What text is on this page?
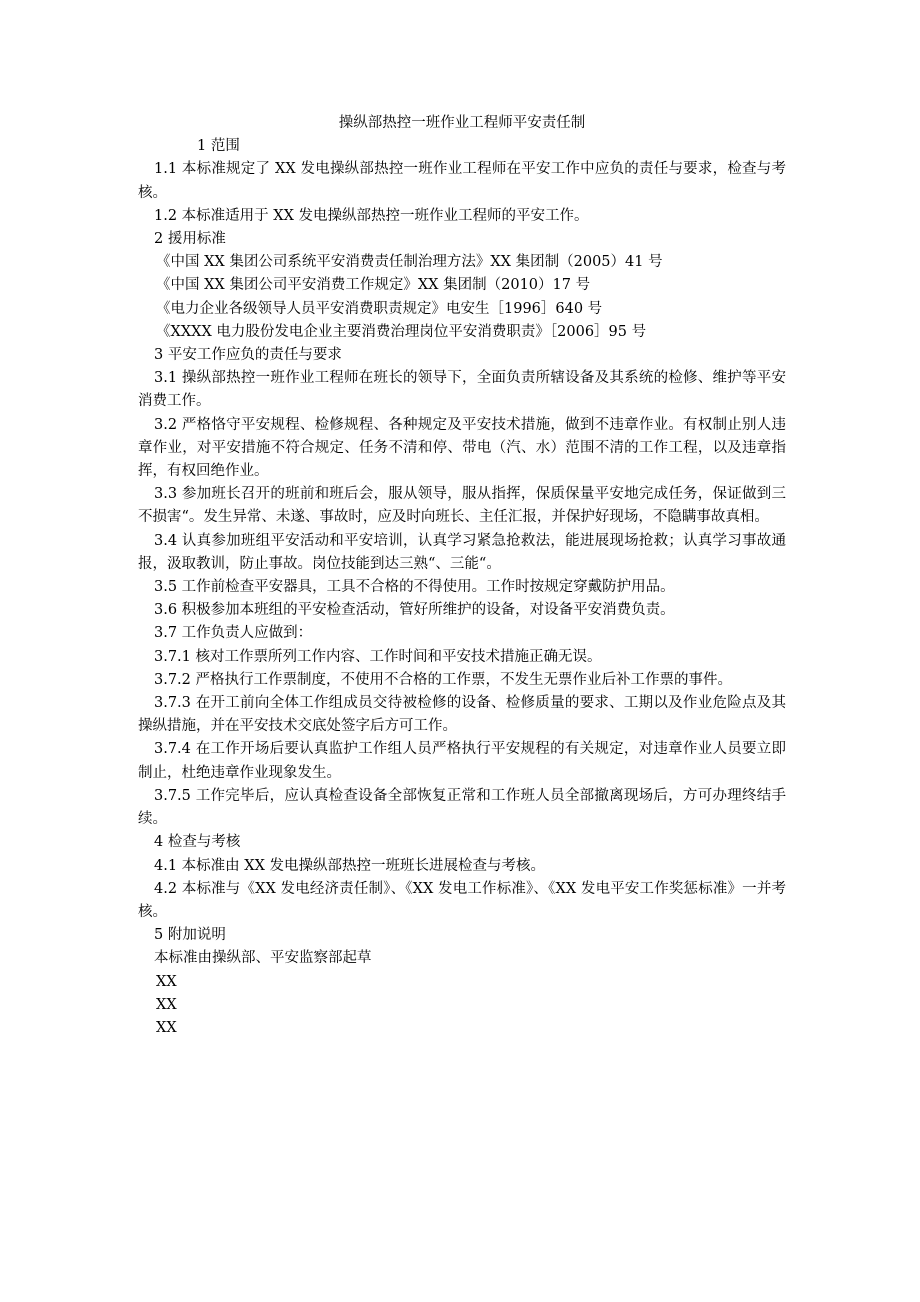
操纵部热控一班作业工程师平安责任制

1 范围

1.1 本标准规定了 XX 发电操纵部热控一班作业工程师在平安工作中应负的责任与要求，检查与考核。

1.2 本标准适用于 XX 发电操纵部热控一班作业工程师的平安工作。

2 援用标准

《中国 XX 集团公司系统平安消费责任制治理方法》XX 集团制（2005）41 号

《中国 XX 集团公司平安消费工作规定》XX 集团制（2010）17 号

《电力企业各级领导人员平安消费职责规定》电安生［1996］640 号

《XXXX 电力股份发电企业主要消费治理岗位平安消费职责》［2006］95 号

3 平安工作应负的责任与要求

3.1 操纵部热控一班作业工程师在班长的领导下，全面负责所辖设备及其系统的检修、维护等平安消费工作。

3.2 严格恪守平安规程、检修规程、各种规定及平安技术措施，做到不违章作业。有权制止别人违章作业，对平安措施不符合规定、任务不清和停、带电（汽、水）范围不清的工作工程，以及违章指挥，有权回绝作业。

3.3 参加班长召开的班前和班后会，服从领导，服从指挥，保质保量平安地完成任务，保证做到三不损害“。发生异常、未遂、事故时，应及时向班长、主任汇报，并保护好现场，不隐瞒事故真相。

3.4 认真参加班组平安活动和平安培训，认真学习紧急抢救法，能进展现场抢救；认真学习事故通报，汲取教训，防止事故。岗位技能到达三熟“、三能“。

3.5 工作前检查平安器具，工具不合格的不得使用。工作时按规定穿戴防护用品。

3.6 积极参加本班组的平安检查活动，管好所维护的设备，对设备平安消费负责。

3.7 工作负责人应做到：

3.7.1 核对工作票所列工作内容、工作时间和平安技术措施正确无误。

3.7.2 严格执行工作票制度，不使用不合格的工作票，不发生无票作业后补工作票的事件。

3.7.3 在开工前向全体工作组成员交待被检修的设备、检修质量的要求、工期以及作业危险点及其操纵措施，并在平安技术交底处签字后方可工作。

3.7.4 在工作开场后要认真监护工作组人员严格执行平安规程的有关规定，对违章作业人员要立即制止，杜绝违章作业现象发生。

3.7.5 工作完毕后，应认真检查设备全部恢复正常和工作班人员全部撤离现场后，方可办理终结手续。

4 检查与考核

4.1 本标准由 XX 发电操纵部热控一班班长进展检查与考核。

4.2 本标准与《XX 发电经济责任制》、《XX 发电工作标准》、《XX 发电平安工作奖惩标准》一并考核。

5 附加说明

本标准由操纵部、平安监察部起草

XX

XX

XX
